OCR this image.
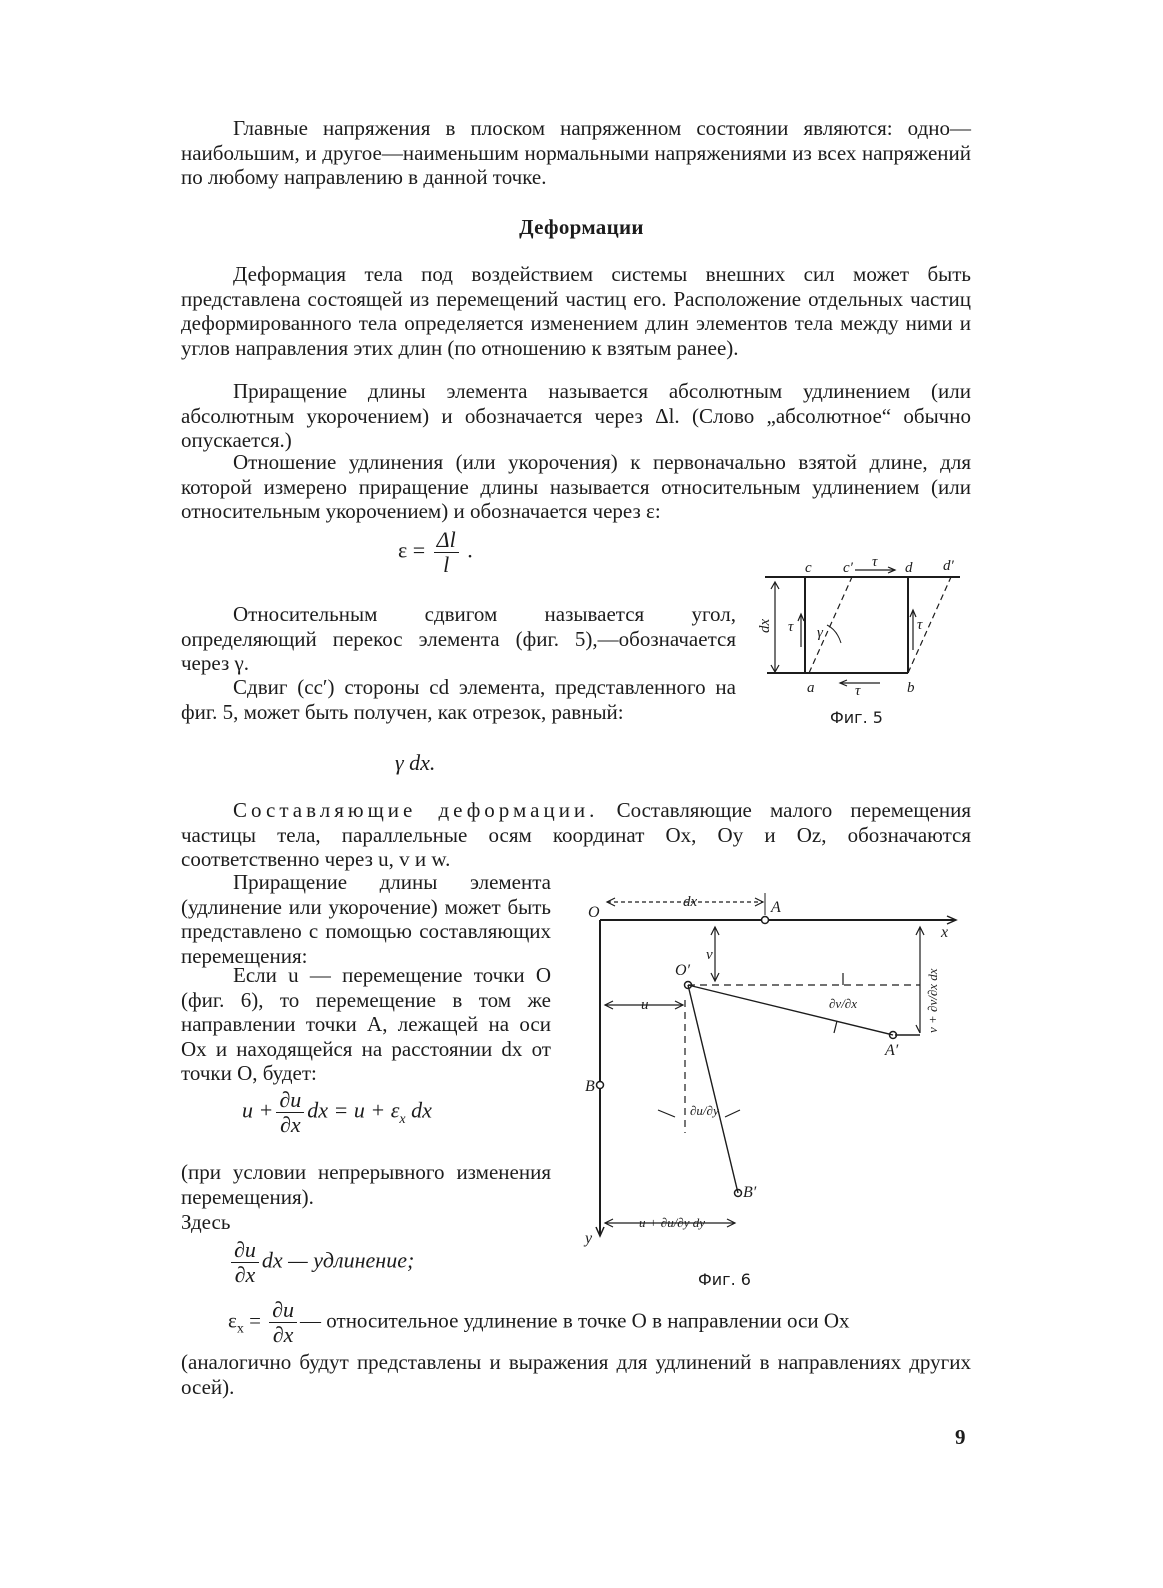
Главные напряжения в плоском напряженном состоянии являются: одно—наибольшим, и другое—наименьшим нормальными напряжениями из всех напряжений по любому направлению в данной точке.

Деформации

Деформация тела под воздействием системы внешних сил может быть представлена состоящей из перемещений частиц его. Расположение отдельных частиц деформированного тела определяется изменением длин элементов тела между ними и углов направления этих длин (по отношению к взятым ранее).

Приращение длины элемента называется абсолютным удлинением (или абсолютным укорочением) и обозначается через Δl. (Слово „абсолютное“ обычно опускается.)

Отношение удлинения (или укорочения) к первоначально взятой длине, для которой измерено приращение длины называется относительным удлинением (или относительным укорочением) и обозначается через ε:

$\varepsilon = \frac{\Delta l}{l}$ .

Относительным сдвигом называется угол, определяющий перекос элемента (фиг. 5),—обозначается через γ.

Сдвиг (cc′) стороны cd элемента, представленного на фиг. 5, может быть получен, как отрезок, равный:

γ dx.
c c′ τ d d′
dx τ γ	τ
a	τ	b
Фиг. 5

Составляющие деформации. Составляющие малого перемещения частицы тела, параллельные осям координат Ox, Oy и Oz, обозначаются соответственно через u, v и w.

Приращение длины элемента (удлинение или укорочение) может быть представлено с помощью составляющих перемещения:

Если u — перемещение точки O (фиг. 6), то перемещение в том же направлении точки A, лежащей на оси Ox и находящейся на расстоянии dx от точки O, будет:

$u + \frac{\partial u}{\partial x}$ dx = $u + \varepsilon_x$ dx

(при условии непрерывного изменения перемещения).

Здесь

$\frac{\partial u}{\partial x}$ dx — удлинение;
$\varepsilon_x = \frac{\partial u}{\partial x}$ — относительное удлинение в точке O в направлении оси Ox

(аналогично будут представлены и выражения для удлинений в направлениях других осей).

O	A
x
y
B
O′
A′
B′
dx
v
u	∂v/∂x
∂u/∂y
u + ∂u/∂y dy
v + ∂v/∂x dx
Фиг. 6
9
